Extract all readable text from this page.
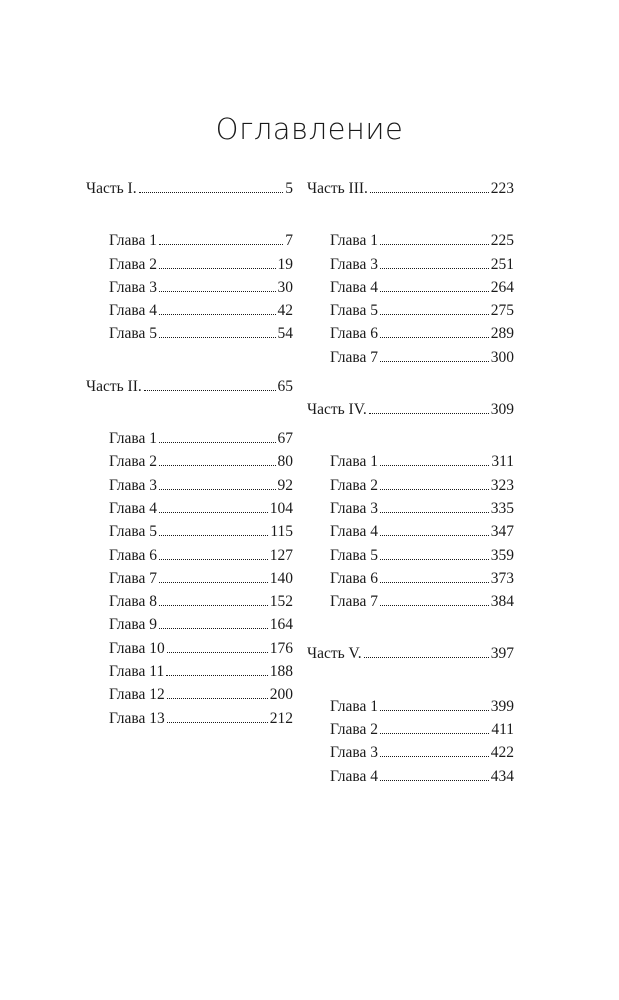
Оглавление
Часть I.	5
Глава 1	7
Глава 2	19
Глава 3	30
Глава 4	42
Глава 5	54
Часть II.	65
Глава 1	67
Глава 2	80
Глава 3	92
Глава 4	104
Глава 5	115
Глава 6	127
Глава 7	140
Глава 8	152
Глава 9	164
Глава 10	176
Глава 11	188
Глава 12	200
Глава 13	212
Часть III.	223
Глава 1	225
Глава 3	251
Глава 4	264
Глава 5	275
Глава 6	289
Глава 7	300
Часть IV.	309
Глава 1	311
Глава 2	323
Глава 3	335
Глава 4	347
Глава 5	359
Глава 6	373
Глава 7	384
Часть V.	397
Глава 1	399
Глава 2	411
Глава 3	422
Глава 4	434
